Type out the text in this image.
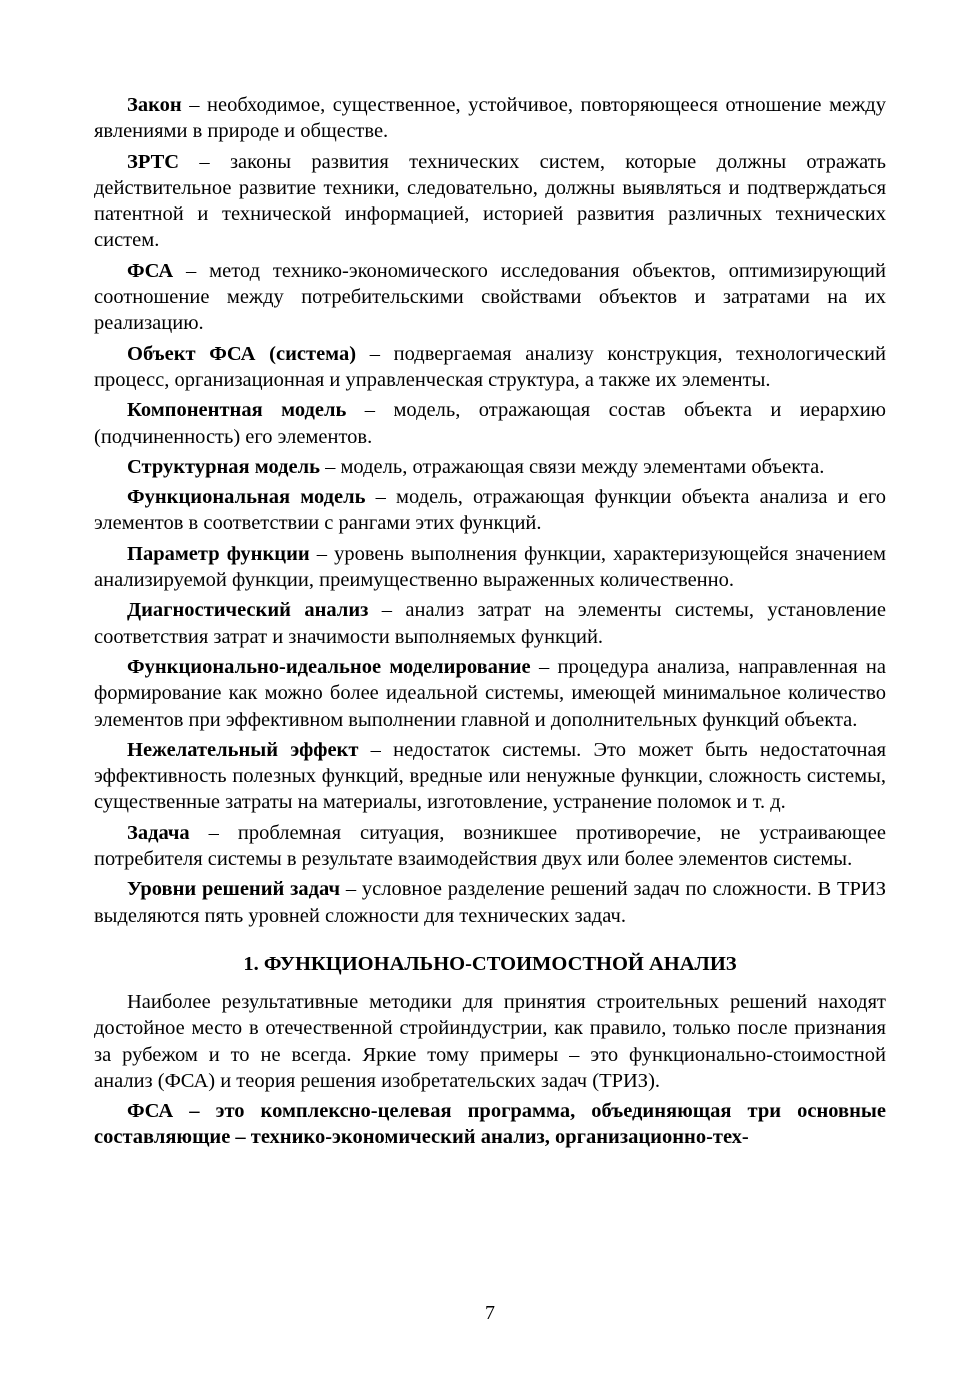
Закон – необходимое, существенное, устойчивое, повторяющееся отношение между явлениями в природе и обществе.

ЗРТС – законы развития технических систем, которые должны отражать действительное развитие техники, следовательно, должны выявляться и подтверждаться патентной и технической информацией, историей развития различных технических систем.

ФСА – метод технико-экономического исследования объектов, оптимизирующий соотношение между потребительскими свойствами объектов и затратами на их реализацию.

Объект ФСА (система) – подвергаемая анализу конструкция, технологический процесс, организационная и управленческая структура, а также их элементы.

Компонентная модель – модель, отражающая состав объекта и иерархию (подчиненность) его элементов.

Структурная модель – модель, отражающая связи между элементами объекта.

Функциональная модель – модель, отражающая функции объекта анализа и его элементов в соответствии с рангами этих функций.

Параметр функции – уровень выполнения функции, характеризующейся значением анализируемой функции, преимущественно выраженных количественно.

Диагностический анализ – анализ затрат на элементы системы, установление соответствия затрат и значимости выполняемых функций.

Функционально-идеальное моделирование – процедура анализа, направленная на формирование как можно более идеальной системы, имеющей минимальное количество элементов при эффективном выполнении главной и дополнительных функций объекта.

Нежелательный эффект – недостаток системы. Это может быть недостаточная эффективность полезных функций, вредные или ненужные функции, сложность системы, существенные затраты на материалы, изготовление, устранение поломок и т. д.

Задача – проблемная ситуация, возникшее противоречие, не устраивающее потребителя системы в результате взаимодействия двух или более элементов системы.

Уровни решений задач – условное разделение решений задач по сложности. В ТРИЗ выделяются пять уровней сложности для технических задач.

1. ФУНКЦИОНАЛЬНО-СТОИМОСТНОЙ АНАЛИЗ

Наиболее результативные методики для принятия строительных решений находят достойное место в отечественной стройиндустрии, как правило, только после признания за рубежом и то не всегда. Яркие тому примеры – это функционально-стоимостной анализ (ФСА) и теория решения изобретательских задач (ТРИЗ).

ФСА – это комплексно-целевая программа, объединяющая три основные составляющие – технико-экономический анализ, организационно-тех-

7
